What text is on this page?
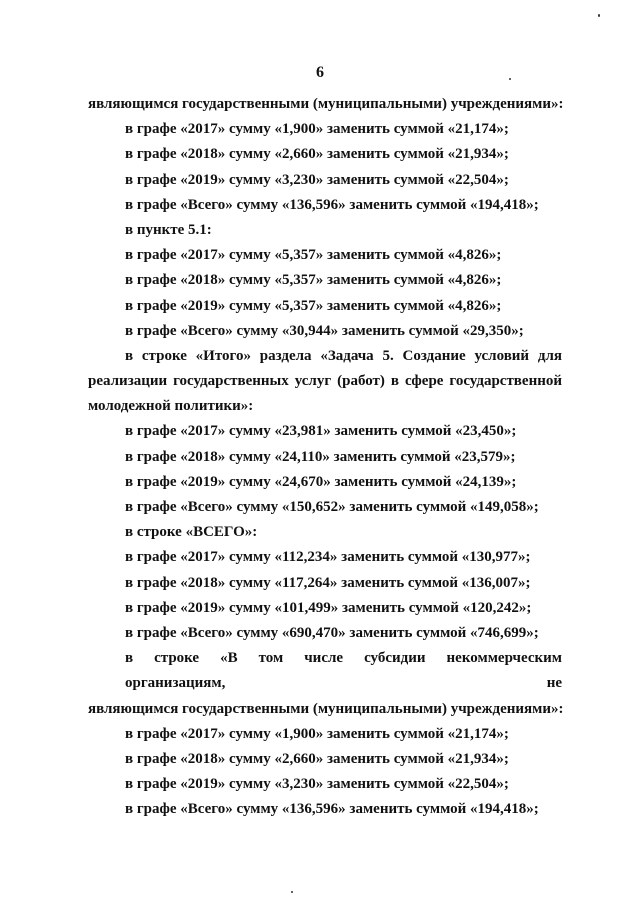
6
являющимся государственными (муниципальными) учреждениями»:
в графе «2017» сумму «1,900» заменить суммой «21,174»;
в графе «2018» сумму «2,660» заменить суммой «21,934»;
в графе «2019» сумму «3,230» заменить суммой «22,504»;
в графе «Всего» сумму «136,596» заменить суммой «194,418»;
в пункте 5.1:
в графе «2017» сумму «5,357» заменить суммой «4,826»;
в графе «2018» сумму «5,357» заменить суммой «4,826»;
в графе «2019» сумму «5,357» заменить суммой «4,826»;
в графе «Всего» сумму «30,944» заменить суммой «29,350»;
в строке «Итого» раздела «Задача 5. Создание условий для
реализации государственных услуг (работ) в сфере государственной
молодежной политики»:
в графе «2017» сумму «23,981» заменить суммой «23,450»;
в графе «2018» сумму «24,110» заменить суммой «23,579»;
в графе «2019» сумму «24,670» заменить суммой «24,139»;
в графе «Всего» сумму «150,652» заменить суммой «149,058»;
в строке «ВСЕГО»:
в графе «2017» сумму «112,234» заменить суммой «130,977»;
в графе «2018» сумму «117,264» заменить суммой «136,007»;
в графе «2019» сумму «101,499» заменить суммой «120,242»;
в графе «Всего» сумму «690,470» заменить суммой «746,699»;
в строке «В том числе субсидии некоммерческим организациям, не
являющимся государственными (муниципальными) учреждениями»:
в графе «2017» сумму «1,900» заменить суммой «21,174»;
в графе «2018» сумму «2,660» заменить суммой «21,934»;
в графе «2019» сумму «3,230» заменить суммой «22,504»;
в графе «Всего» сумму «136,596» заменить суммой «194,418»;
